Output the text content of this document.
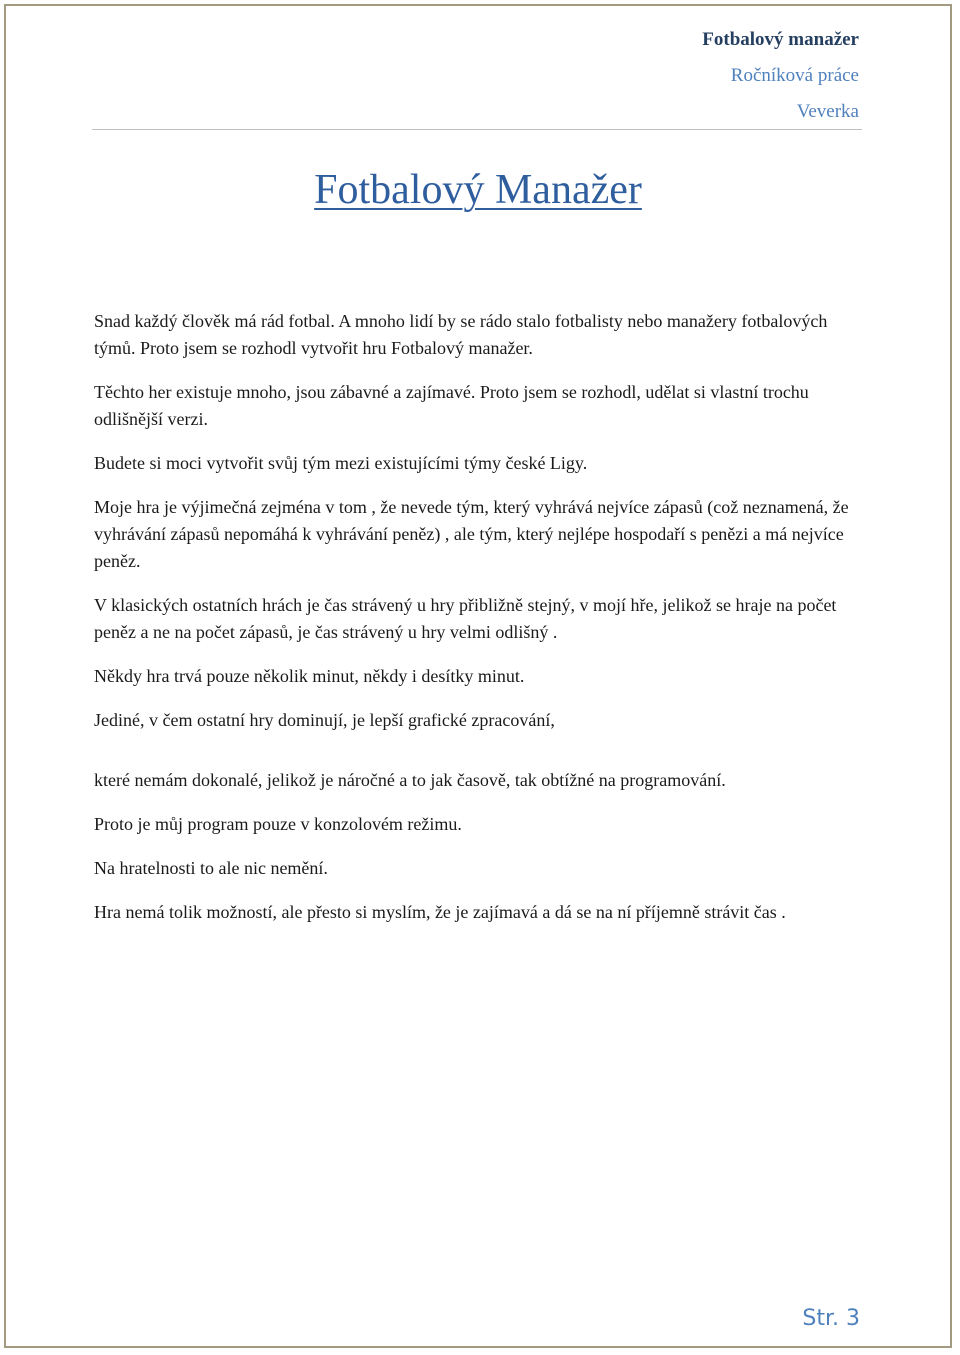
Fotbalový manažer
Ročníková práce
Veverka
Fotbalový Manažer

Snad každý člověk má rád fotbal. A mnoho lidí by se rádo stalo fotbalisty nebo manažery fotbalových týmů. Proto jsem se rozhodl vytvořit hru Fotbalový manažer.

Těchto her existuje mnoho, jsou zábavné a zajímavé. Proto jsem se rozhodl, udělat si vlastní trochu odlišnější verzi.

Budete si moci vytvořit svůj tým mezi existujícími týmy české Ligy.

Moje hra je výjimečná zejména v tom , že nevede tým, který vyhrává nejvíce zápasů (což neznamená, že vyhrávání zápasů nepomáhá k vyhrávání peněz) , ale tým, který nejlépe hospodaří s penězi a má nejvíce peněz.

V klasických ostatních hrách je čas strávený u hry přibližně stejný, v mojí hře, jelikož se hraje na počet peněz a ne na počet zápasů, je čas strávený u hry velmi odlišný .

Někdy hra trvá pouze několik minut, někdy i desítky minut.

Jediné, v čem ostatní hry dominují, je lepší grafické zpracování,

které nemám dokonalé, jelikož je náročné a to jak časově, tak obtížné na programování.

Proto je můj program pouze v konzolovém režimu.

Na hratelnosti to ale nic nemění.

Hra nemá tolik možností, ale přesto si myslím, že je zajímavá a dá se na ní příjemně strávit čas .

Str. 3
